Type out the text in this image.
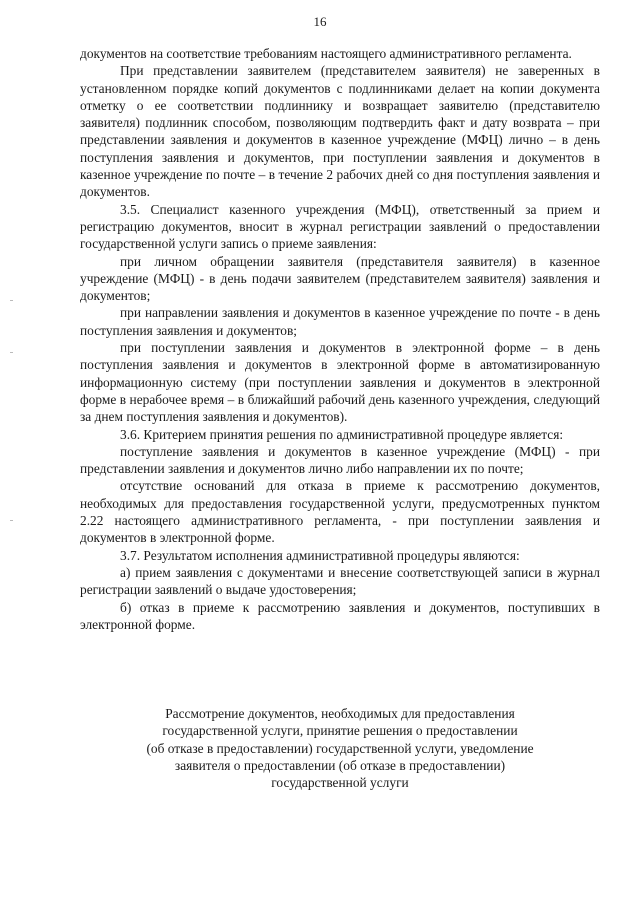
16

документов на соответствие требованиям настоящего административного регламента.

При представлении заявителем (представителем заявителя) не заверенных в установленном порядке копий документов с подлинниками делает на копии документа отметку о ее соответствии подлиннику и возвращает заявителю (представителю заявителя) подлинник способом, позволяющим подтвердить факт и дату возврата – при представлении заявления и документов в казенное учреждение (МФЦ) лично – в день поступления заявления и документов, при поступлении заявления и документов в казенное учреждение по почте – в течение 2 рабочих дней со дня поступления заявления и документов.

3.5. Специалист казенного учреждения (МФЦ), ответственный за прием и регистрацию документов, вносит в журнал регистрации заявлений о предоставлении государственной услуги запись о приеме заявления:

при личном обращении заявителя (представителя заявителя) в казенное учреждение (МФЦ) - в день подачи заявителем (представителем заявителя) заявления и документов;

при направлении заявления и документов в казенное учреждение по почте - в день поступления заявления и документов;

при поступлении заявления и документов в электронной форме – в день поступления заявления и документов в электронной форме в автоматизированную информационную систему (при поступлении заявления и документов в электронной форме в нерабочее время – в ближайший рабочий день казенного учреждения, следующий за днем поступления заявления и документов).

3.6. Критерием принятия решения по административной процедуре является:

поступление заявления и документов в казенное учреждение (МФЦ) - при представлении заявления и документов лично либо направлении их по почте;

отсутствие оснований для отказа в приеме к рассмотрению документов, необходимых для предоставления государственной услуги, предусмотренных пунктом 2.22 настоящего административного регламента, - при поступлении заявления и документов в электронной форме.

3.7. Результатом исполнения административной процедуры являются:

а) прием заявления с документами и внесение соответствующей записи в журнал регистрации заявлений о выдаче удостоверения;

б) отказ в приеме к рассмотрению заявления и документов, поступивших в электронной форме.

Рассмотрение документов, необходимых для предоставления
государственной услуги, принятие решения о предоставлении
(об отказе в предоставлении) государственной услуги, уведомление
заявителя о предоставлении (об отказе в предоставлении)
государственной услуги
